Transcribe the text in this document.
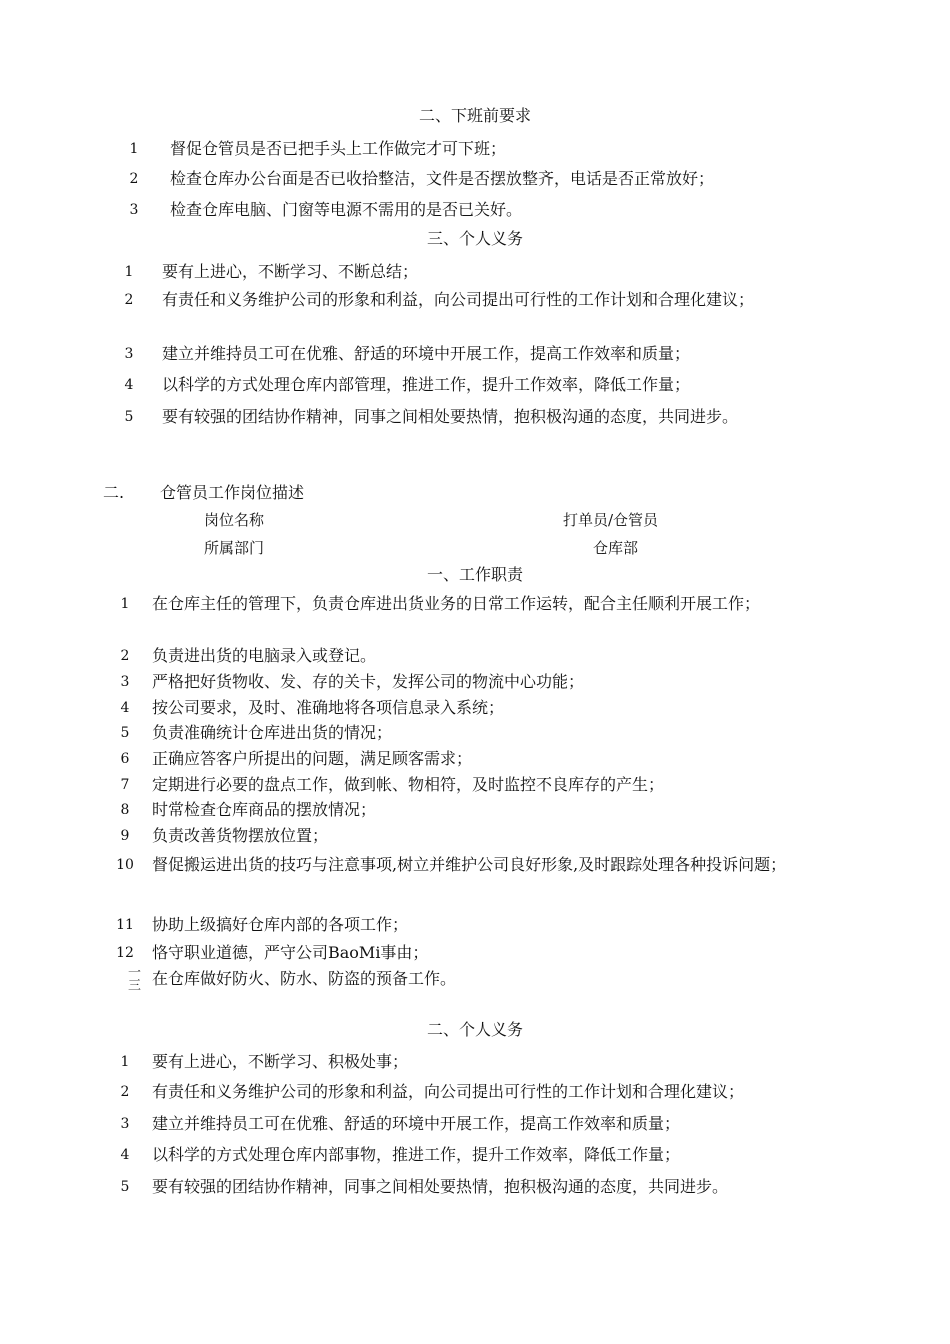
二、下班前要求
1	督促仓管员是否已把手头上工作做完才可下班；
2	检查仓库办公台面是否已收拾整洁，文件是否摆放整齐，电话是否正常放好；
3	检查仓库电脑、门窗等电源不需用的是否已关好。
三、个人义务
1	要有上进心，不断学习、不断总结；
2	有责任和义务维护公司的形象和利益，向公司提出可行性的工作计划和合理化建议；
3	建立并维持员工可在优雅、舒适的环境中开展工作，提高工作效率和质量；
4	以科学的方式处理仓库内部管理，推进工作，提升工作效率，降低工作量；
5	要有较强的团结协作精神，同事之间相处要热情，抱积极沟通的态度，共同进步。
二. 仓管员工作岗位描述
岗位名称	打单员/仓管员
所属部门	仓库部
一、工作职责
1	在仓库主任的管理下，负责仓库进出货业务的日常工作运转，配合主任顺利开展工作；
2	负责进出货的电脑录入或登记。
3	严格把好货物收、发、存的关卡，发挥公司的物流中心功能；
4	按公司要求，及时、准确地将各项信息录入系统；
5	负责准确统计仓库进出货的情况；
6	正确应答客户所提出的问题，满足顾客需求；
7	定期进行必要的盘点工作，做到帐、物相符，及时监控不良库存的产生；
8	时常检查仓库商品的摆放情况；
9	负责改善货物摆放位置；
10	督促搬运进出货的技巧与注意事项,树立并维护公司良好形象,及时跟踪处理各种投诉问题；
11	协助上级搞好仓库内部的各项工作；
12	恪守职业道德，严守公司BaoMi事由；
一三 在仓库做好防火、防水、防盗的预备工作。
二、个人义务
1	要有上进心，不断学习、积极处事；
2	有责任和义务维护公司的形象和利益，向公司提出可行性的工作计划和合理化建议；
3	建立并维持员工可在优雅、舒适的环境中开展工作，提高工作效率和质量；
4	以科学的方式处理仓库内部事物，推进工作，提升工作效率，降低工作量；
5	要有较强的团结协作精神，同事之间相处要热情，抱积极沟通的态度，共同进步。
